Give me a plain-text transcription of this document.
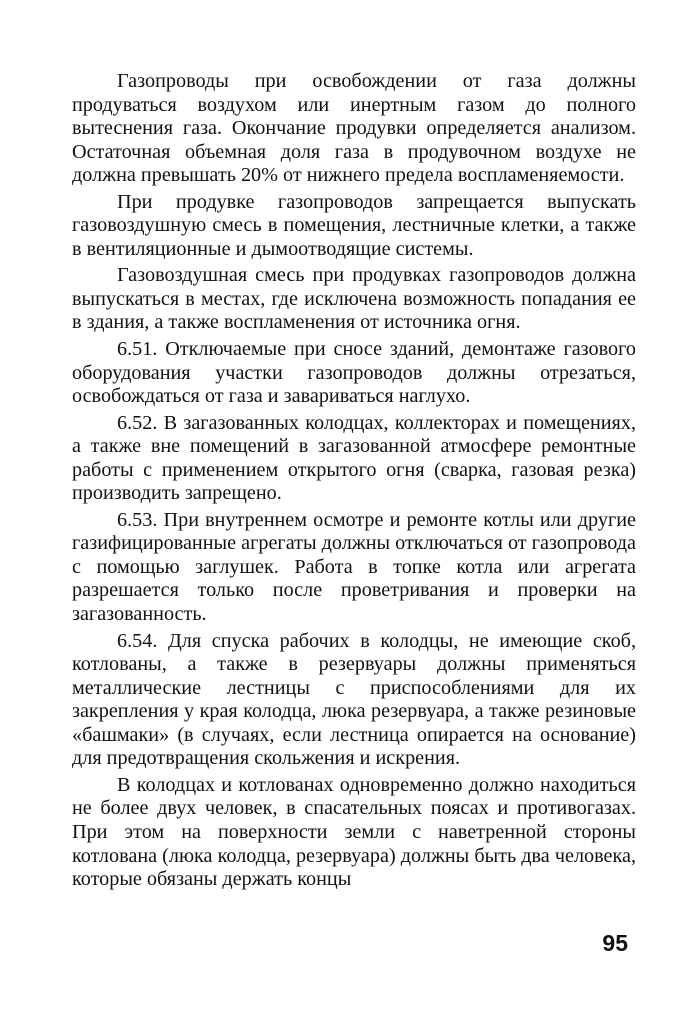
Газопроводы при освобождении от газа должны продуваться воздухом или инертным газом до полного вытеснения газа. Окончание продувки определяется анализом. Остаточная объемная доля газа в продувочном воздухе не должна превышать 20% от нижнего предела воспламеняемости.

При продувке газопроводов запрещается выпускать газовоздушную смесь в помещения, лестничные клетки, а также в вентиляционные и дымоотводящие системы.

Газовоздушная смесь при продувках газопроводов должна выпускаться в местах, где исключена возможность попадания ее в здания, а также воспламенения от источника огня.

6.51. Отключаемые при сносе зданий, демонтаже газового оборудования участки газопроводов должны отрезаться, освобождаться от газа и завариваться наглухо.

6.52. В загазованных колодцах, коллекторах и помещениях, а также вне помещений в загазованной атмосфере ремонтные работы с применением открытого огня (сварка, газовая резка) производить запрещено.

6.53. При внутреннем осмотре и ремонте котлы или другие газифицированные агрегаты должны отключаться от газопровода с помощью заглушек. Работа в топке котла или агрегата разрешается только после проветривания и проверки на загазованность.

6.54. Для спуска рабочих в колодцы, не имеющие скоб, котлованы, а также в резервуары должны применяться металлические лестницы с приспособлениями для их закрепления у края колодца, люка резервуара, а также резиновые «башмаки» (в случаях, если лестница опирается на основание) для предотвращения скольжения и искрения.

В колодцах и котлованах одновременно должно находиться не более двух человек, в спасательных поясах и противогазах. При этом на поверхности земли с наветренной стороны котлована (люка колодца, резервуара) должны быть два человека, которые обязаны держать концы

95
